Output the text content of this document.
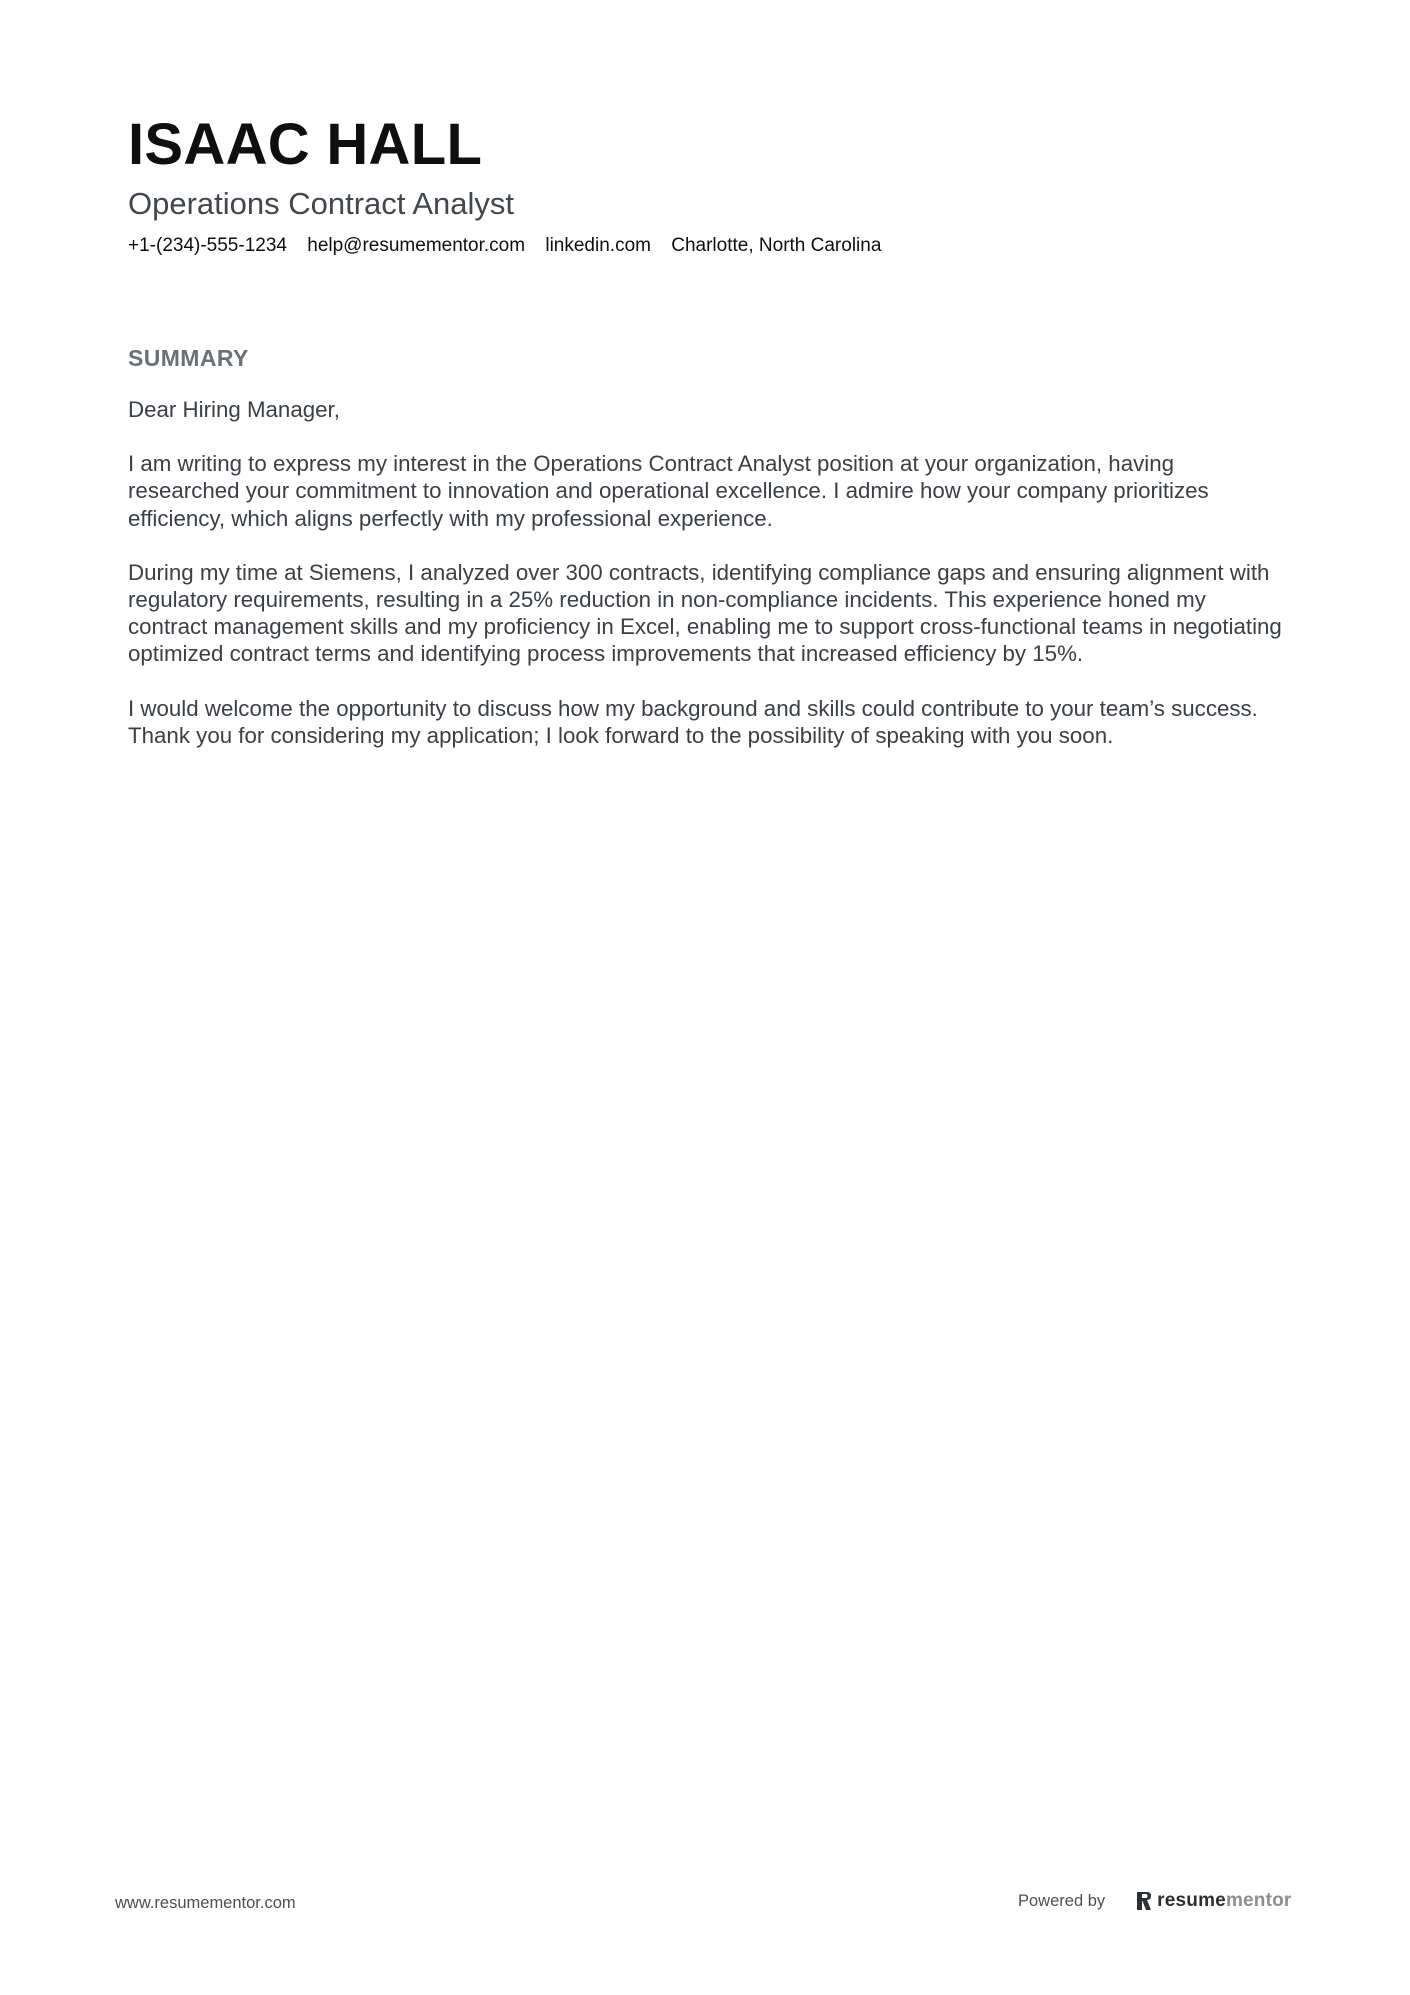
ISAAC HALL
Operations Contract Analyst
+1-(234)-555-1234 help@resumementor.com linkedin.com Charlotte, North Carolina
SUMMARY

Dear Hiring Manager,

I am writing to express my interest in the Operations Contract Analyst position at your organization, having researched your commitment to innovation and operational excellence. I admire how your company prioritizes efficiency, which aligns perfectly with my professional experience.

During my time at Siemens, I analyzed over 300 contracts, identifying compliance gaps and ensuring alignment with regulatory requirements, resulting in a 25% reduction in non-compliance incidents. This experience honed my contract management skills and my proficiency in Excel, enabling me to support cross-functional teams in negotiating optimized contract terms and identifying process improvements that increased efficiency by 15%.

I would welcome the opportunity to discuss how my background and skills could contribute to your team’s success. Thank you for considering my application; I look forward to the possibility of speaking with you soon.

www.resumementor.com	Powered by	resumementor
